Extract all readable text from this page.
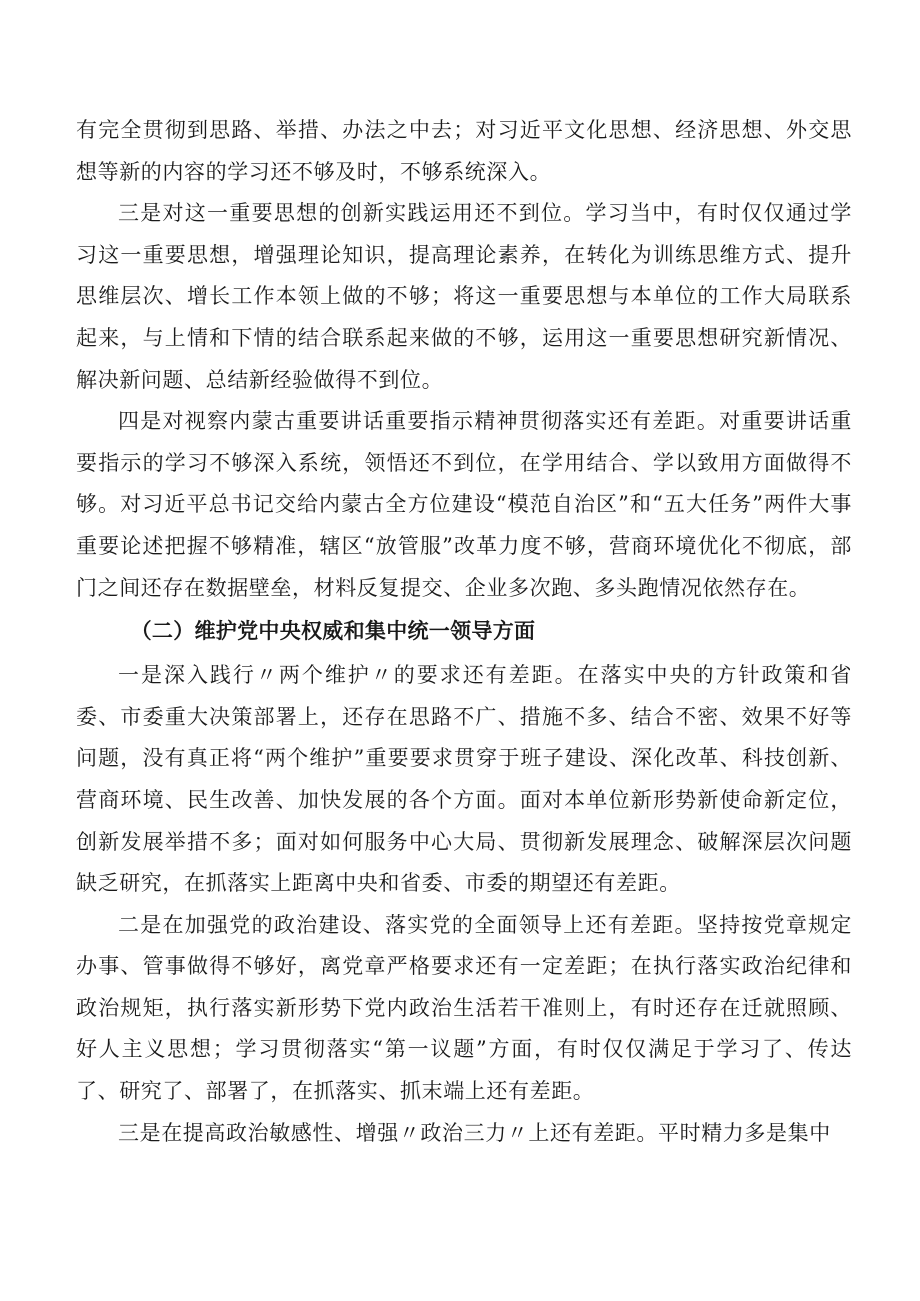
有完全贯彻到思路、举措、办法之中去；对习近平文化思想、经济思想、外交思想等新的内容的学习还不够及时，不够系统深入。

三是对这一重要思想的创新实践运用还不到位。学习当中，有时仅仅通过学习这一重要思想，增强理论知识，提高理论素养，在转化为训练思维方式、提升思维层次、增长工作本领上做的不够；将这一重要思想与本单位的工作大局联系起来，与上情和下情的结合联系起来做的不够，运用这一重要思想研究新情况、解决新问题、总结新经验做得不到位。

四是对视察内蒙古重要讲话重要指示精神贯彻落实还有差距。对重要讲话重要指示的学习不够深入系统，领悟还不到位，在学用结合、学以致用方面做得不够。对习近平总书记交给内蒙古全方位建设“模范自治区”和“五大任务”两件大事重要论述把握不够精准，辖区“放管服”改革力度不够，营商环境优化不彻底，部门之间还存在数据壁垒，材料反复提交、企业多次跑、多头跑情况依然存在。

（二）维护党中央权威和集中统一领导方面

一是深入践行〃两个维护〃的要求还有差距。在落实中央的方针政策和省委、市委重大决策部署上，还存在思路不广、措施不多、结合不密、效果不好等问题，没有真正将“两个维护”重要要求贯穿于班子建设、深化改革、科技创新、营商环境、民生改善、加快发展的各个方面。面对本单位新形势新使命新定位，创新发展举措不多；面对如何服务中心大局、贯彻新发展理念、破解深层次问题缺乏研究，在抓落实上距离中央和省委、市委的期望还有差距。

二是在加强党的政治建设、落实党的全面领导上还有差距。坚持按党章规定办事、管事做得不够好，离党章严格要求还有一定差距；在执行落实政治纪律和政治规矩，执行落实新形势下党内政治生活若干准则上，有时还存在迁就照顾、好人主义思想；学习贯彻落实“第一议题”方面，有时仅仅满足于学习了、传达了、研究了、部署了，在抓落实、抓末端上还有差距。

三是在提高政治敏感性、增强〃政治三力〃上还有差距。平时精力多是集中
